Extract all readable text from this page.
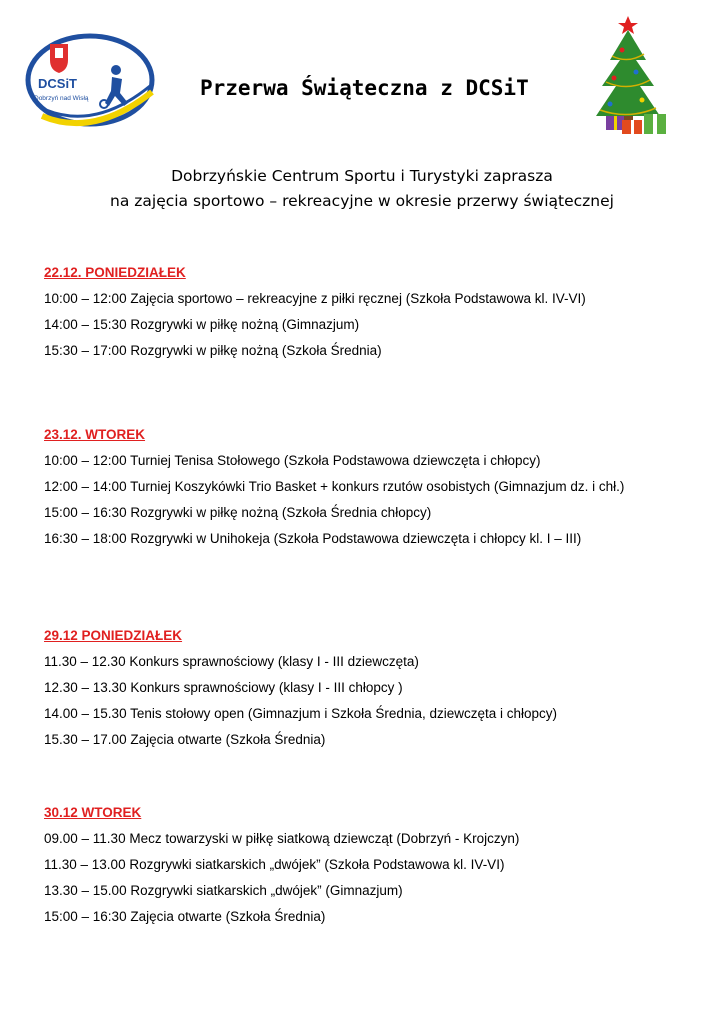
DCSiT
Dobrzyń nad Wisłą	Przerwa Świąteczna z DCSiT
Dobrzyńskie Centrum Sportu i Turystyki zaprasza
na zajęcia sportowo – rekreacyjne w okresie przerwy świątecznej
22.12. PONIEDZIAŁEK
10:00 – 12:00 Zajęcia sportowo – rekreacyjne z piłki ręcznej (Szkoła Podstawowa kl. IV-VI)
14:00 – 15:30 Rozgrywki w piłkę nożną (Gimnazjum)
15:30 – 17:00 Rozgrywki w piłkę nożną (Szkoła Średnia)
23.12. WTOREK
10:00 – 12:00 Turniej Tenisa Stołowego (Szkoła Podstawowa dziewczęta i chłopcy)
12:00 – 14:00 Turniej Koszykówki Trio Basket + konkurs rzutów osobistych (Gimnazjum dz. i chł.)
15:00 – 16:30 Rozgrywki w piłkę nożną (Szkoła Średnia chłopcy)
16:30 – 18:00 Rozgrywki w Unihokeja (Szkoła Podstawowa dziewczęta i chłopcy kl. I – III)
29.12 PONIEDZIAŁEK
11.30 – 12.30 Konkurs sprawnościowy (klasy I - III dziewczęta)
12.30 – 13.30 Konkurs sprawnościowy (klasy I - III chłopcy )
14.00 – 15.30 Tenis stołowy open (Gimnazjum i Szkoła Średnia, dziewczęta i chłopcy)
15.30 – 17.00 Zajęcia otwarte (Szkoła Średnia)
30.12 WTOREK
09.00 – 11.30 Mecz towarzyski w piłkę siatkową dziewcząt (Dobrzyń - Krojczyn)
11.30 – 13.00 Rozgrywki siatkarskich „dwójek” (Szkoła Podstawowa kl. IV-VI)
13.30 – 15.00 Rozgrywki siatkarskich „dwójek” (Gimnazjum)
15:00 – 16:30 Zajęcia otwarte (Szkoła Średnia)
